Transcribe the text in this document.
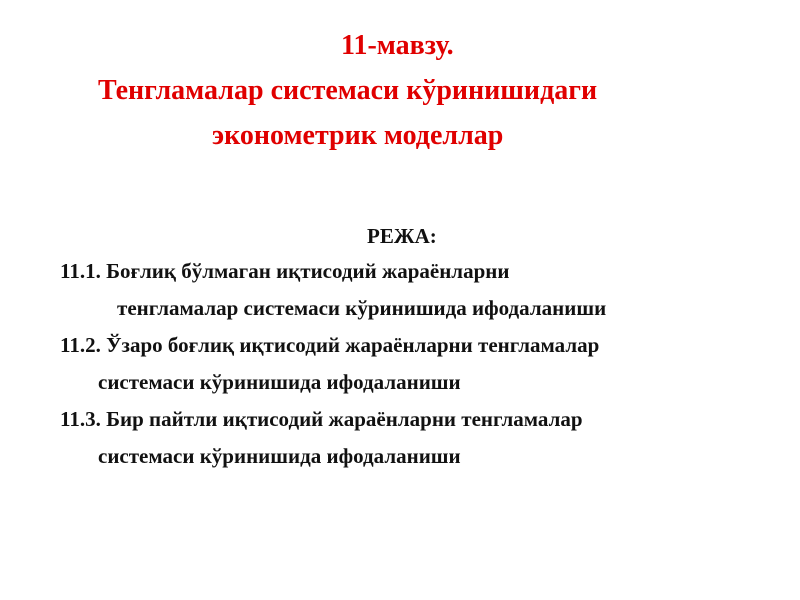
11-мавзу.
Тенгламалар системаси кўринишидаги
эконометрик моделлар
РЕЖА:
11.1. Боғлиқ бўлмаган иқтисодий жараёнларни
тенгламалар системаси кўринишида ифодаланиши
11.2. Ўзаро боғлиқ иқтисодий жараёнларни тенгламалар
системаси кўринишида ифодаланиши
11.3. Бир пайтли иқтисодий жараёнларни тенгламалар
системаси кўринишида ифодаланиши
